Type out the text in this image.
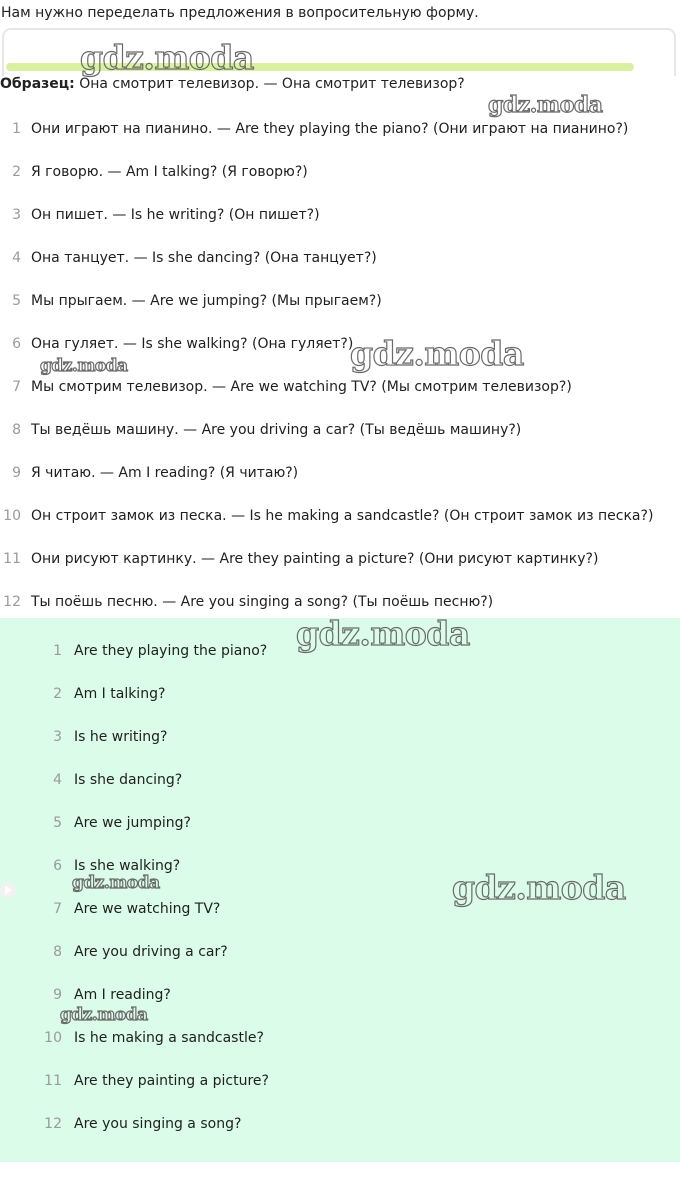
Нам нужно переделать предложения в вопросительную форму.
Образец: Она смотрит телевизор. — Она смотрит телевизор?
1 Они играют на пианино. — Are they playing the piano? (Они играют на пианино?)
2 Я говорю. — Am I talking? (Я говорю?)
3 Он пишет. — Is he writing? (Он пишет?)
4 Она танцует. — Is she dancing? (Она танцует?)
5 Мы прыгаем. — Are we jumping? (Мы прыгаем?)
6 Она гуляет. — Is she walking? (Она гуляет?)
7 Мы смотрим телевизор. — Are we watching TV? (Мы смотрим телевизор?)
8 Ты ведёшь машину. — Are you driving a car? (Ты ведёшь машину?)
9 Я читаю. — Am I reading? (Я читаю?)
10 Он строит замок из песка. — Is he making a sandcastle? (Он строит замок из песка?)
11 Они рисуют картинку. — Are they painting a picture? (Они рисуют картинку?)
12 Ты поёшь песню. — Are you singing a song? (Ты поёшь песню?)
1 Are they playing the piano?
2 Am I talking?
3 Is he writing?
4 Is she dancing?
5 Are we jumping?
6 Is she walking?
7 Are we watching TV?
8 Are you driving a car?
9 Am I reading?
10 Is he making a sandcastle?
11 Are they painting a picture?
12 Are you singing a song?
gdz.moda
gdz.moda
gdz.moda
gdz.moda
gdz.moda
gdz.moda
gdz.moda
gdz.moda
